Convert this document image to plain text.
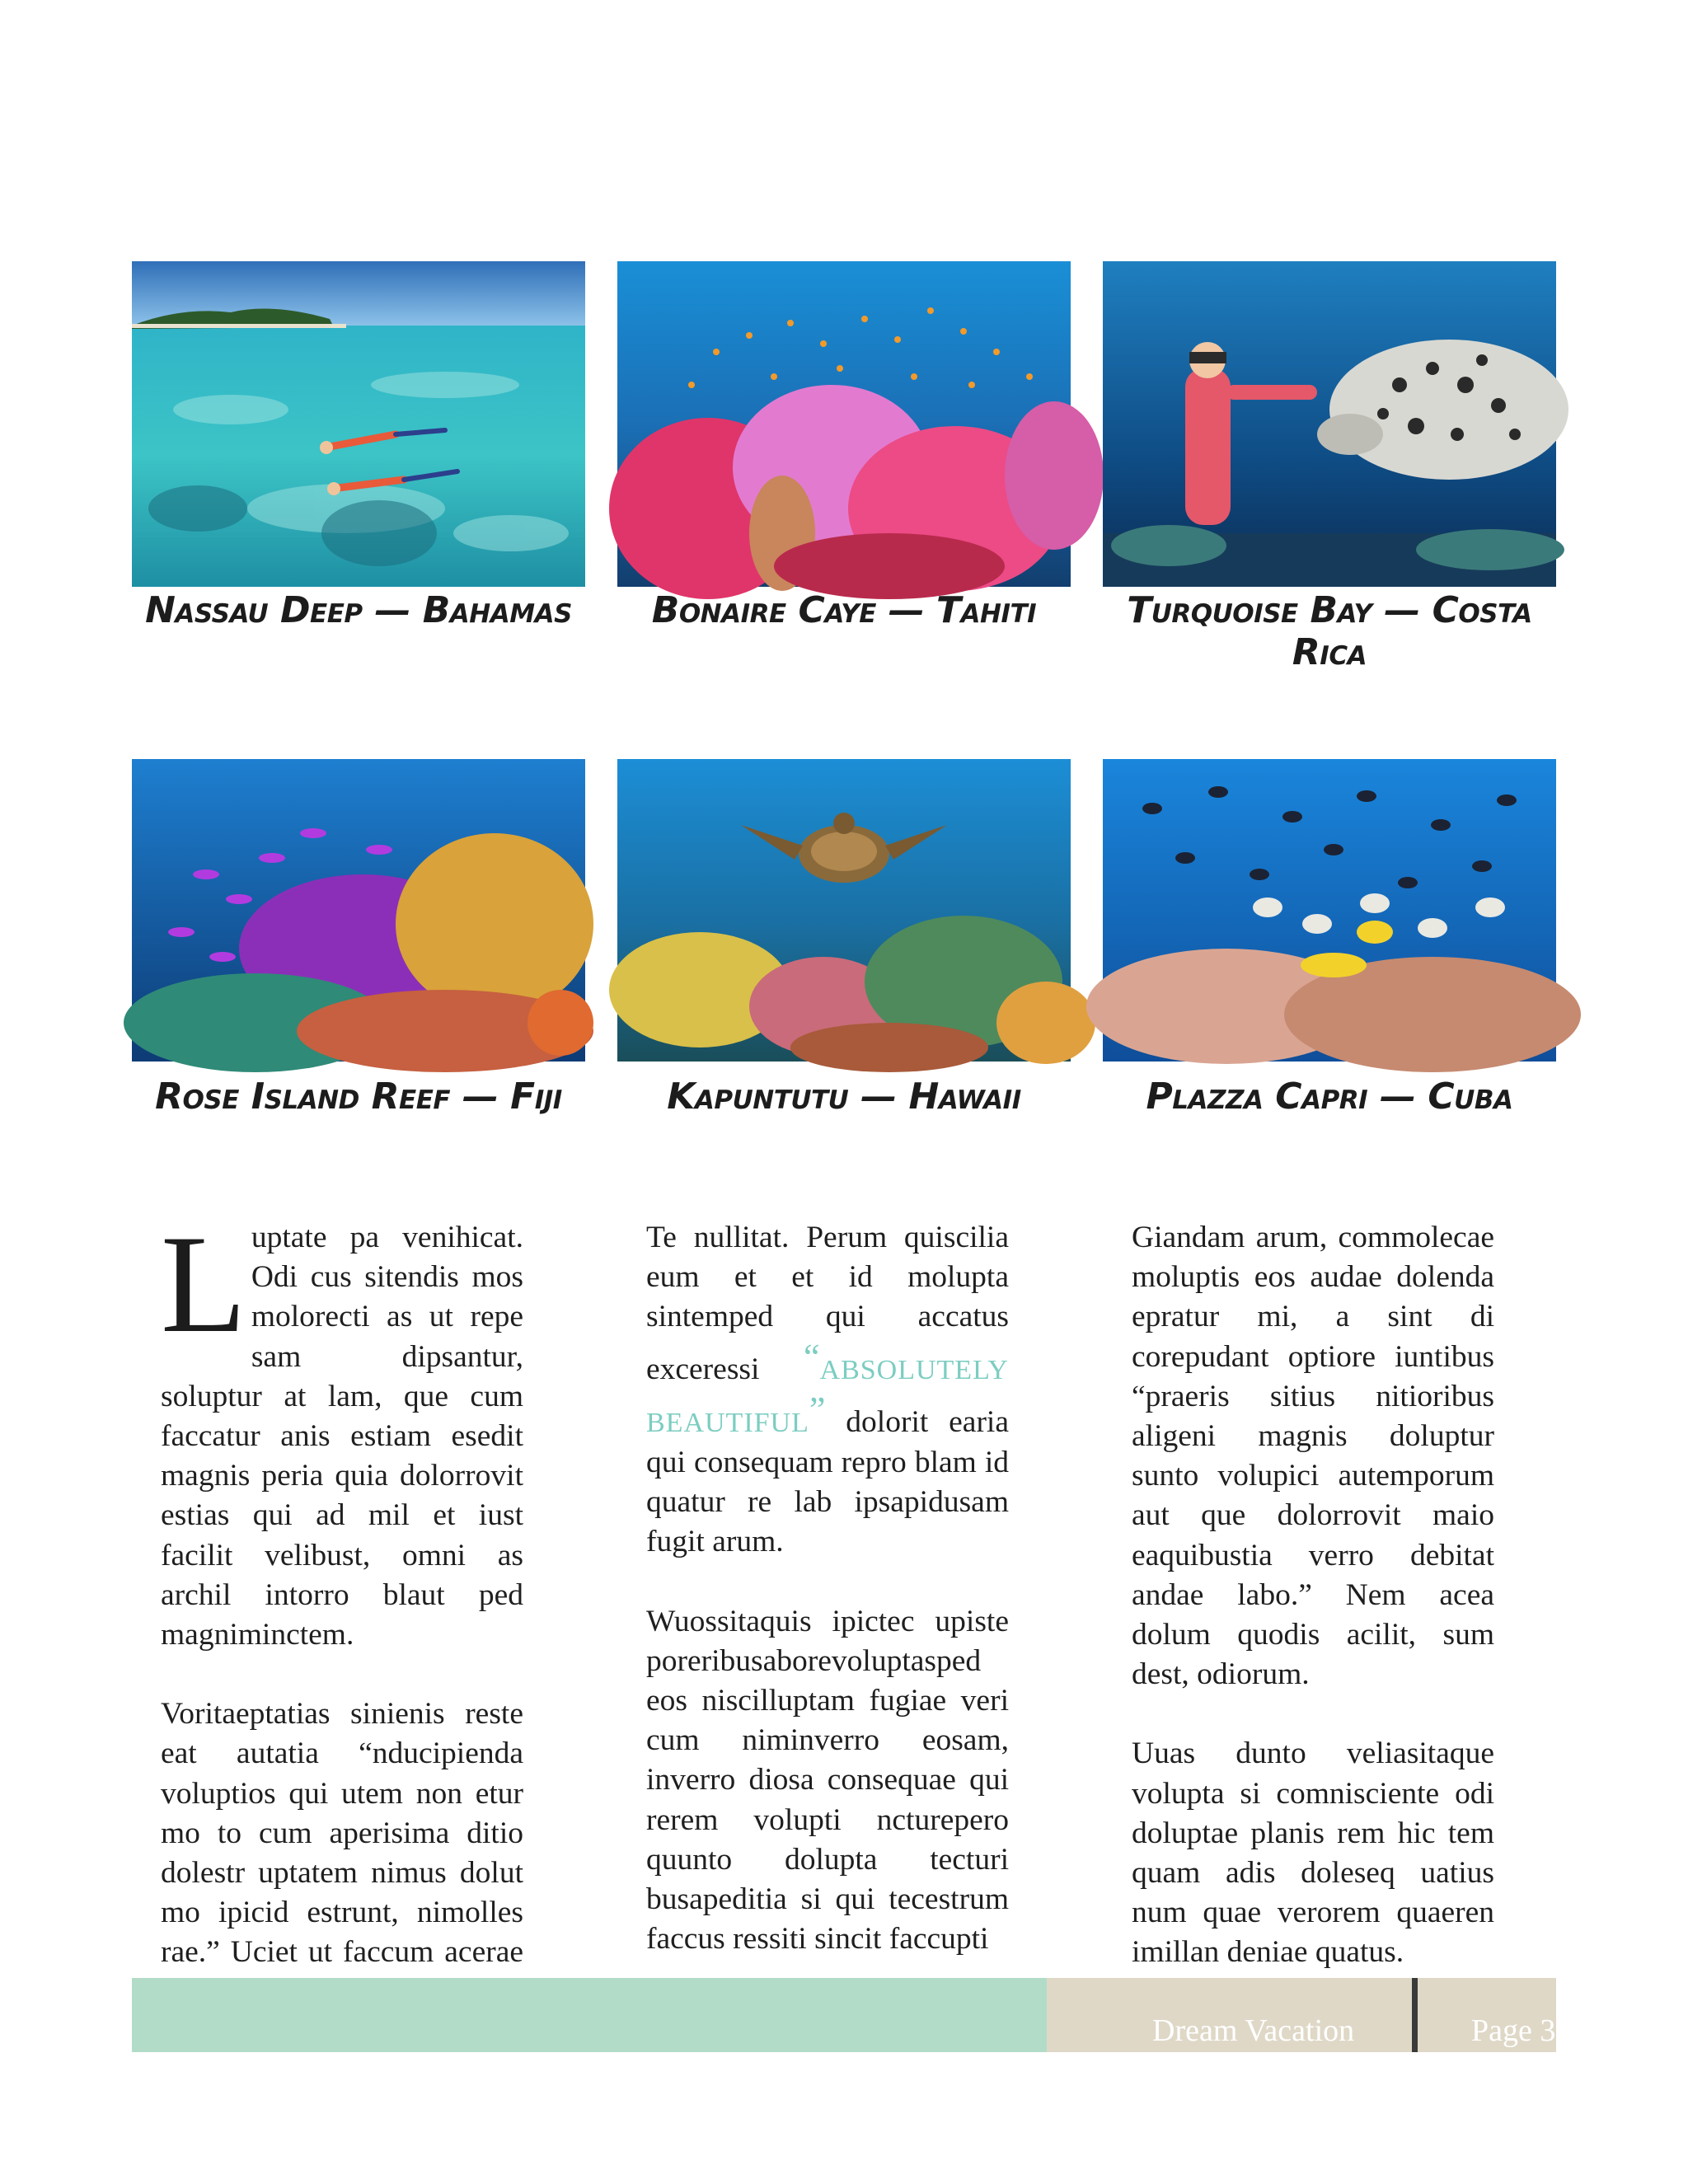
Nassau Deep — Bahamas	Bonaire Caye — Tahiti	Turquoise Bay — Costa Rica
Rose Island Reef — Fiji	Kapuntutu — Hawaii	Plazza Capri — Cuba

Luptate pa venihicat. Odi cus sitendis mos molorecti as ut repe sam dipsantur, soluptur at lam, que cum faccatur anis estiam esedit magnis peria quia dolorrovit estias qui ad mil et iust facilit velibust, omni as archil intorro blaut ped magniminctem.

Voritaeptatias sinienis reste eat autatia “nducipienda voluptios qui utem non etur mo to cum aperisima ditio dolestr uptatem nimus dolut mo ipicid estrunt, nimolles rae.” Uciet ut faccum acerae

Te nullitat. Perum quiscilia eum et et id molupta sintemped qui accatus exceressi “ABSOLUTELY BEAUTIFUL” dolorit earia qui consequam repro blam id quatur re lab ipsapidusam fugit arum.

Wuossitaquis ipictec upiste poreribusaborevoluptasped eos niscilluptam fugiae veri cum niminverro eosam, inverro diosa consequae qui rerem volupti ncturepero quunto dolupta tecturi busapeditia si qui tecestrum faccus ressiti sincit faccupti

Giandam arum, commolecae moluptis eos audae dolenda epratur mi, a sint di corepudant optiore iuntibus “praeris sitius nitioribus aligeni magnis doluptur sunto volupici autemporum aut que dolorrovit maio eaquibustia verro debitat andae labo.” Nem acea dolum quodis acilit, sum dest, odiorum.

Uuas dunto veliasitaque volupta si comnisciente odi doluptae planis rem hic tem quam adis doleseq uatius num quae verorem quaeren imillan deniae quatus.

Dream Vacation	Page 3
